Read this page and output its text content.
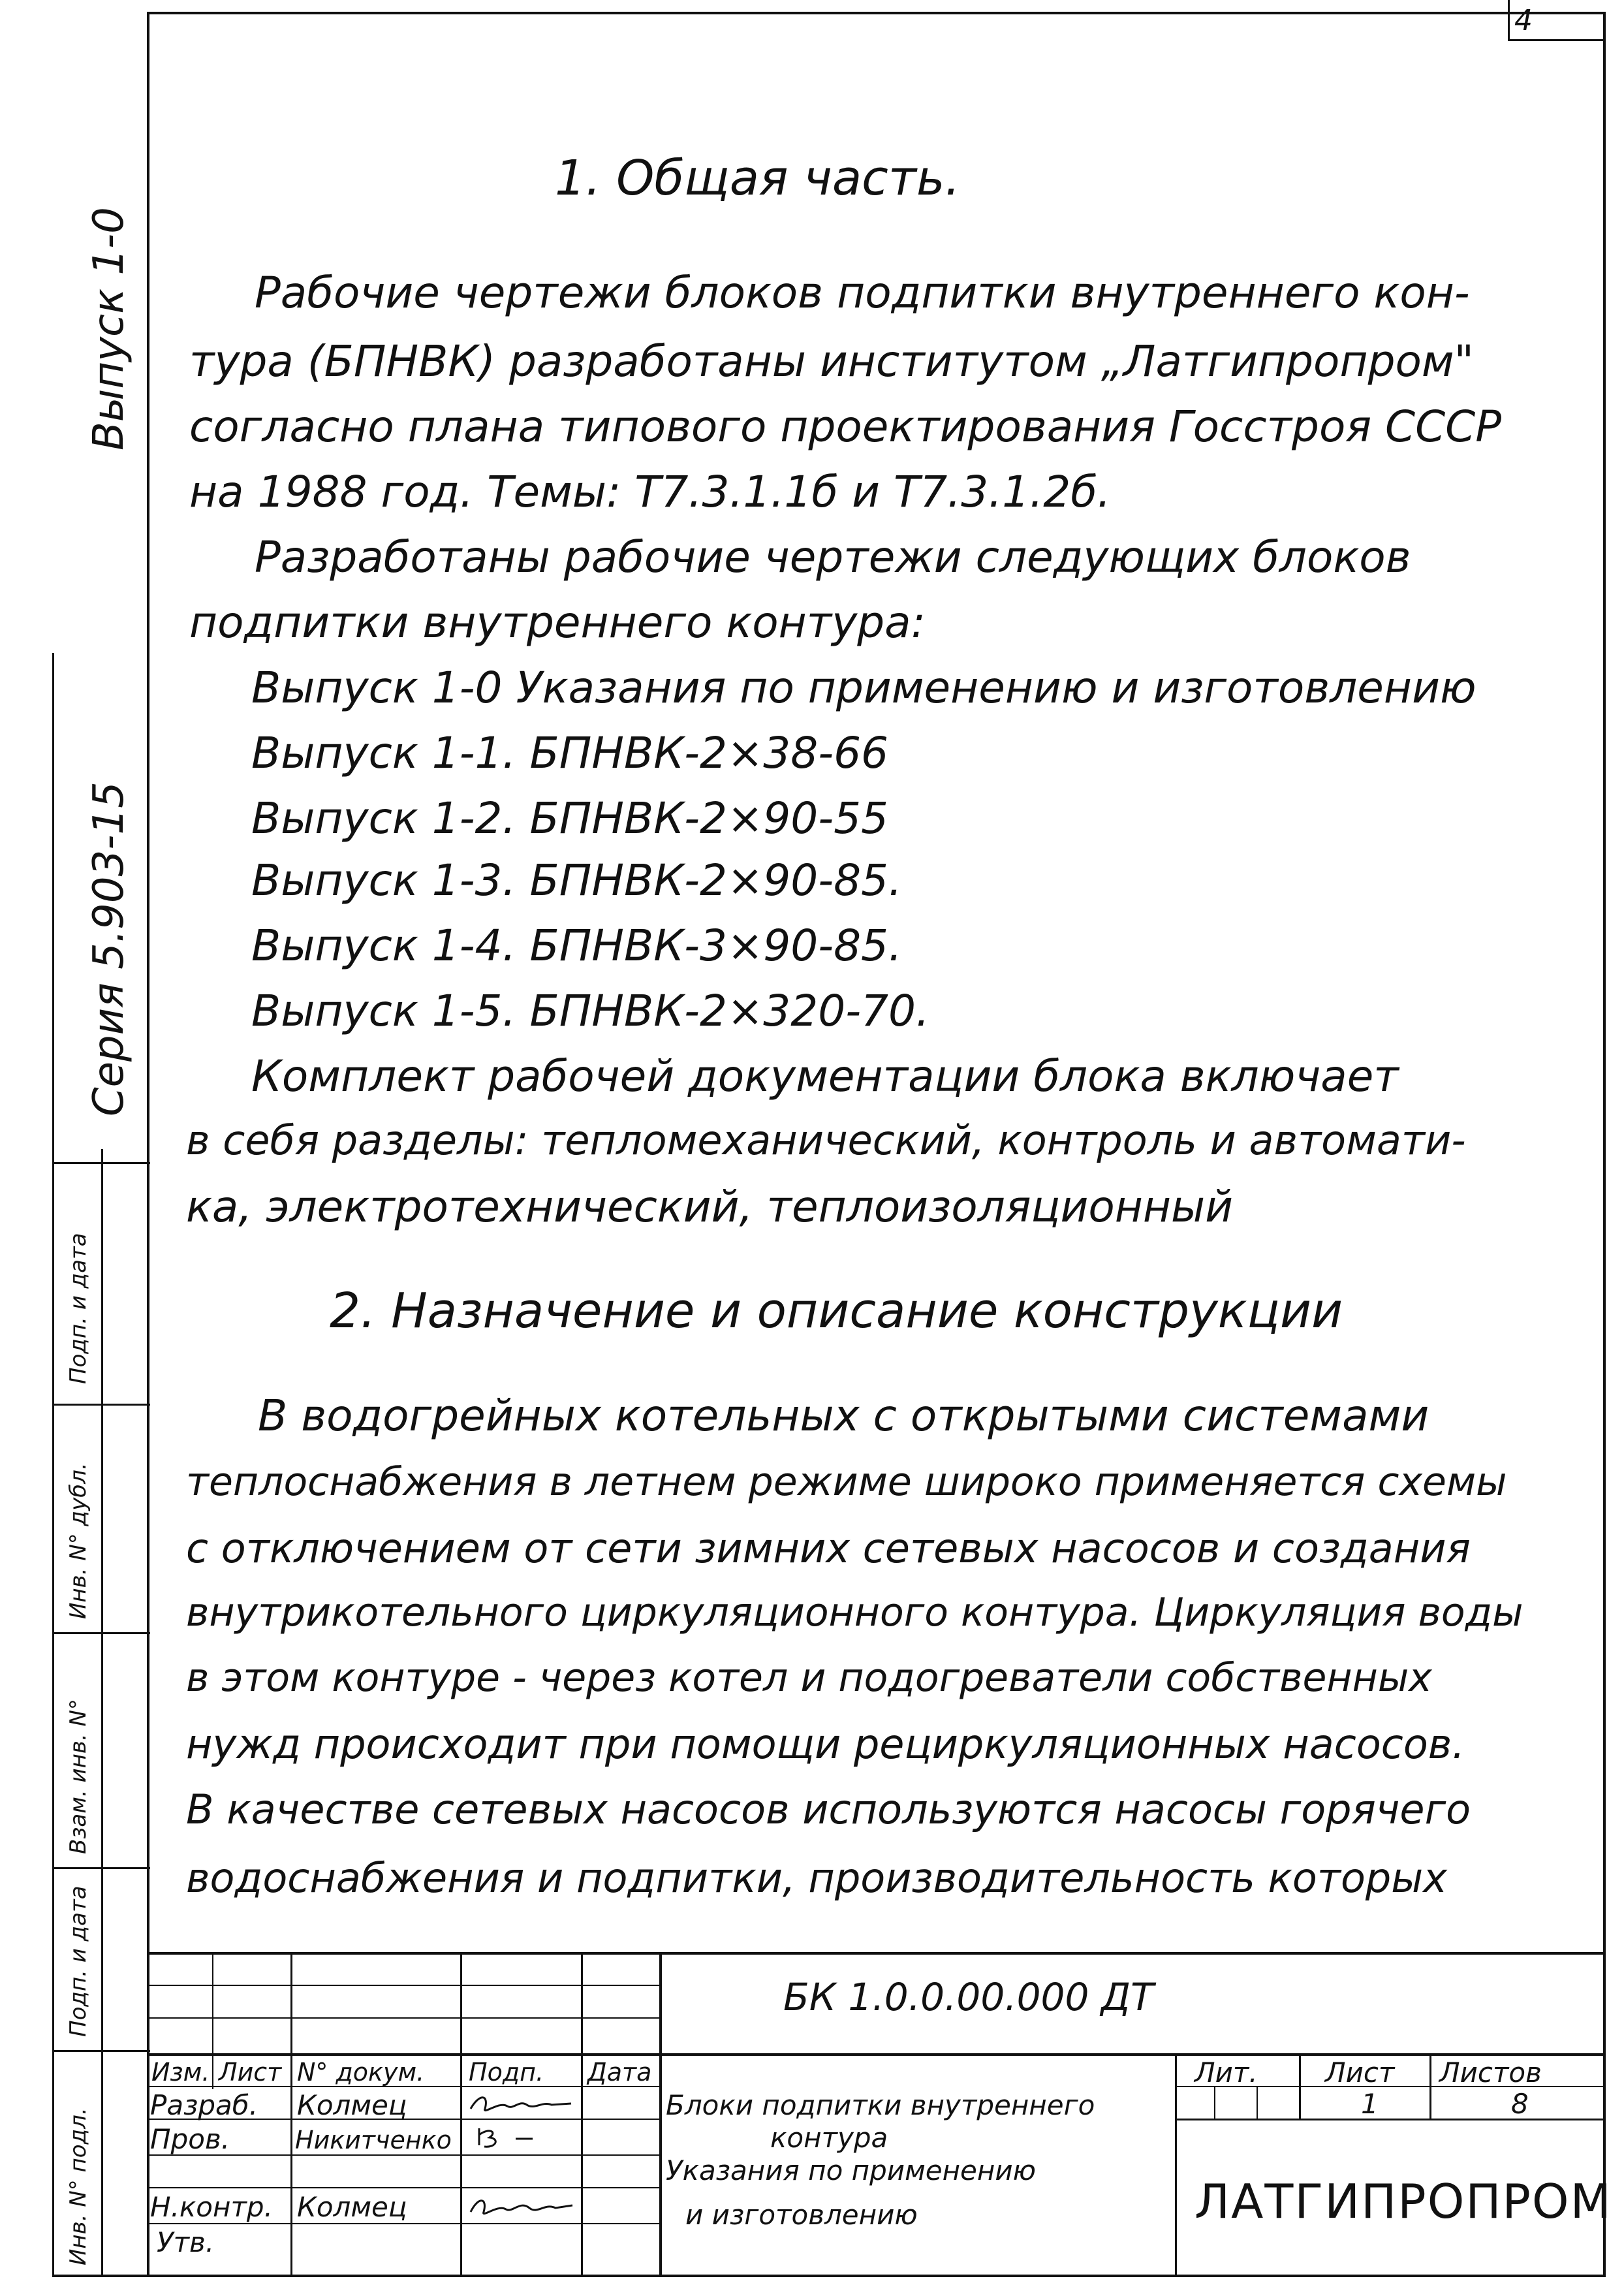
4
Выпуск 1-0
Серия 5.903-15
Подп. и дата
Инв. N° дубл.
Взам. инв. N°
Подп. и дата
Инв. N° подл.
1. Общая часть.
Рабочие чертежи блоков подпитки внутреннего кон-
тура (БПНВК) разработаны институтом „Латгипропром"
согласно плана типового проектирования Госстроя СССР
на 1988 год. Темы: Т7.3.1.1б и Т7.3.1.2б.
Разработаны рабочие чертежи следующих блоков
подпитки внутреннего контура:
Выпуск 1-0 Указания по применению и изготовлению
Выпуск 1-1. БПНВК-2×38-66
Выпуск 1-2. БПНВК-2×90-55
Выпуск 1-3. БПНВК-2×90-85.
Выпуск 1-4. БПНВК-3×90-85.
Выпуск 1-5. БПНВК-2×320-70.
Комплект рабочей документации блока включает
в себя разделы: тепломеханический, контроль и автомати-
ка, электротехнический, теплоизоляционный
2. Назначение и описание конструкции
В водогрейных котельных с открытыми системами
теплоснабжения в летнем режиме широко применяется схемы
с отключением от сети зимних сетевых насосов и создания
внутрикотельного циркуляционного контура. Циркуляция воды
в этом контуре - через котел и подогреватели собственных
нужд происходит при помощи рециркуляционных насосов.
В качестве сетевых насосов используются насосы горячего
водоснабжения и подпитки, производительность которых
БК 1.0.0.00.000 ДТ
Изм. Лист N° докум. Подп. Дата
Разраб. Колмец
Пров.	Никитченко
Н.контр. Колмец
Утв.
Блоки подпитки внутреннего
контура
Указания по применению
и изготовлению
Лит. Лист Листов
1	8
ЛАТГИПРОПРОМ
